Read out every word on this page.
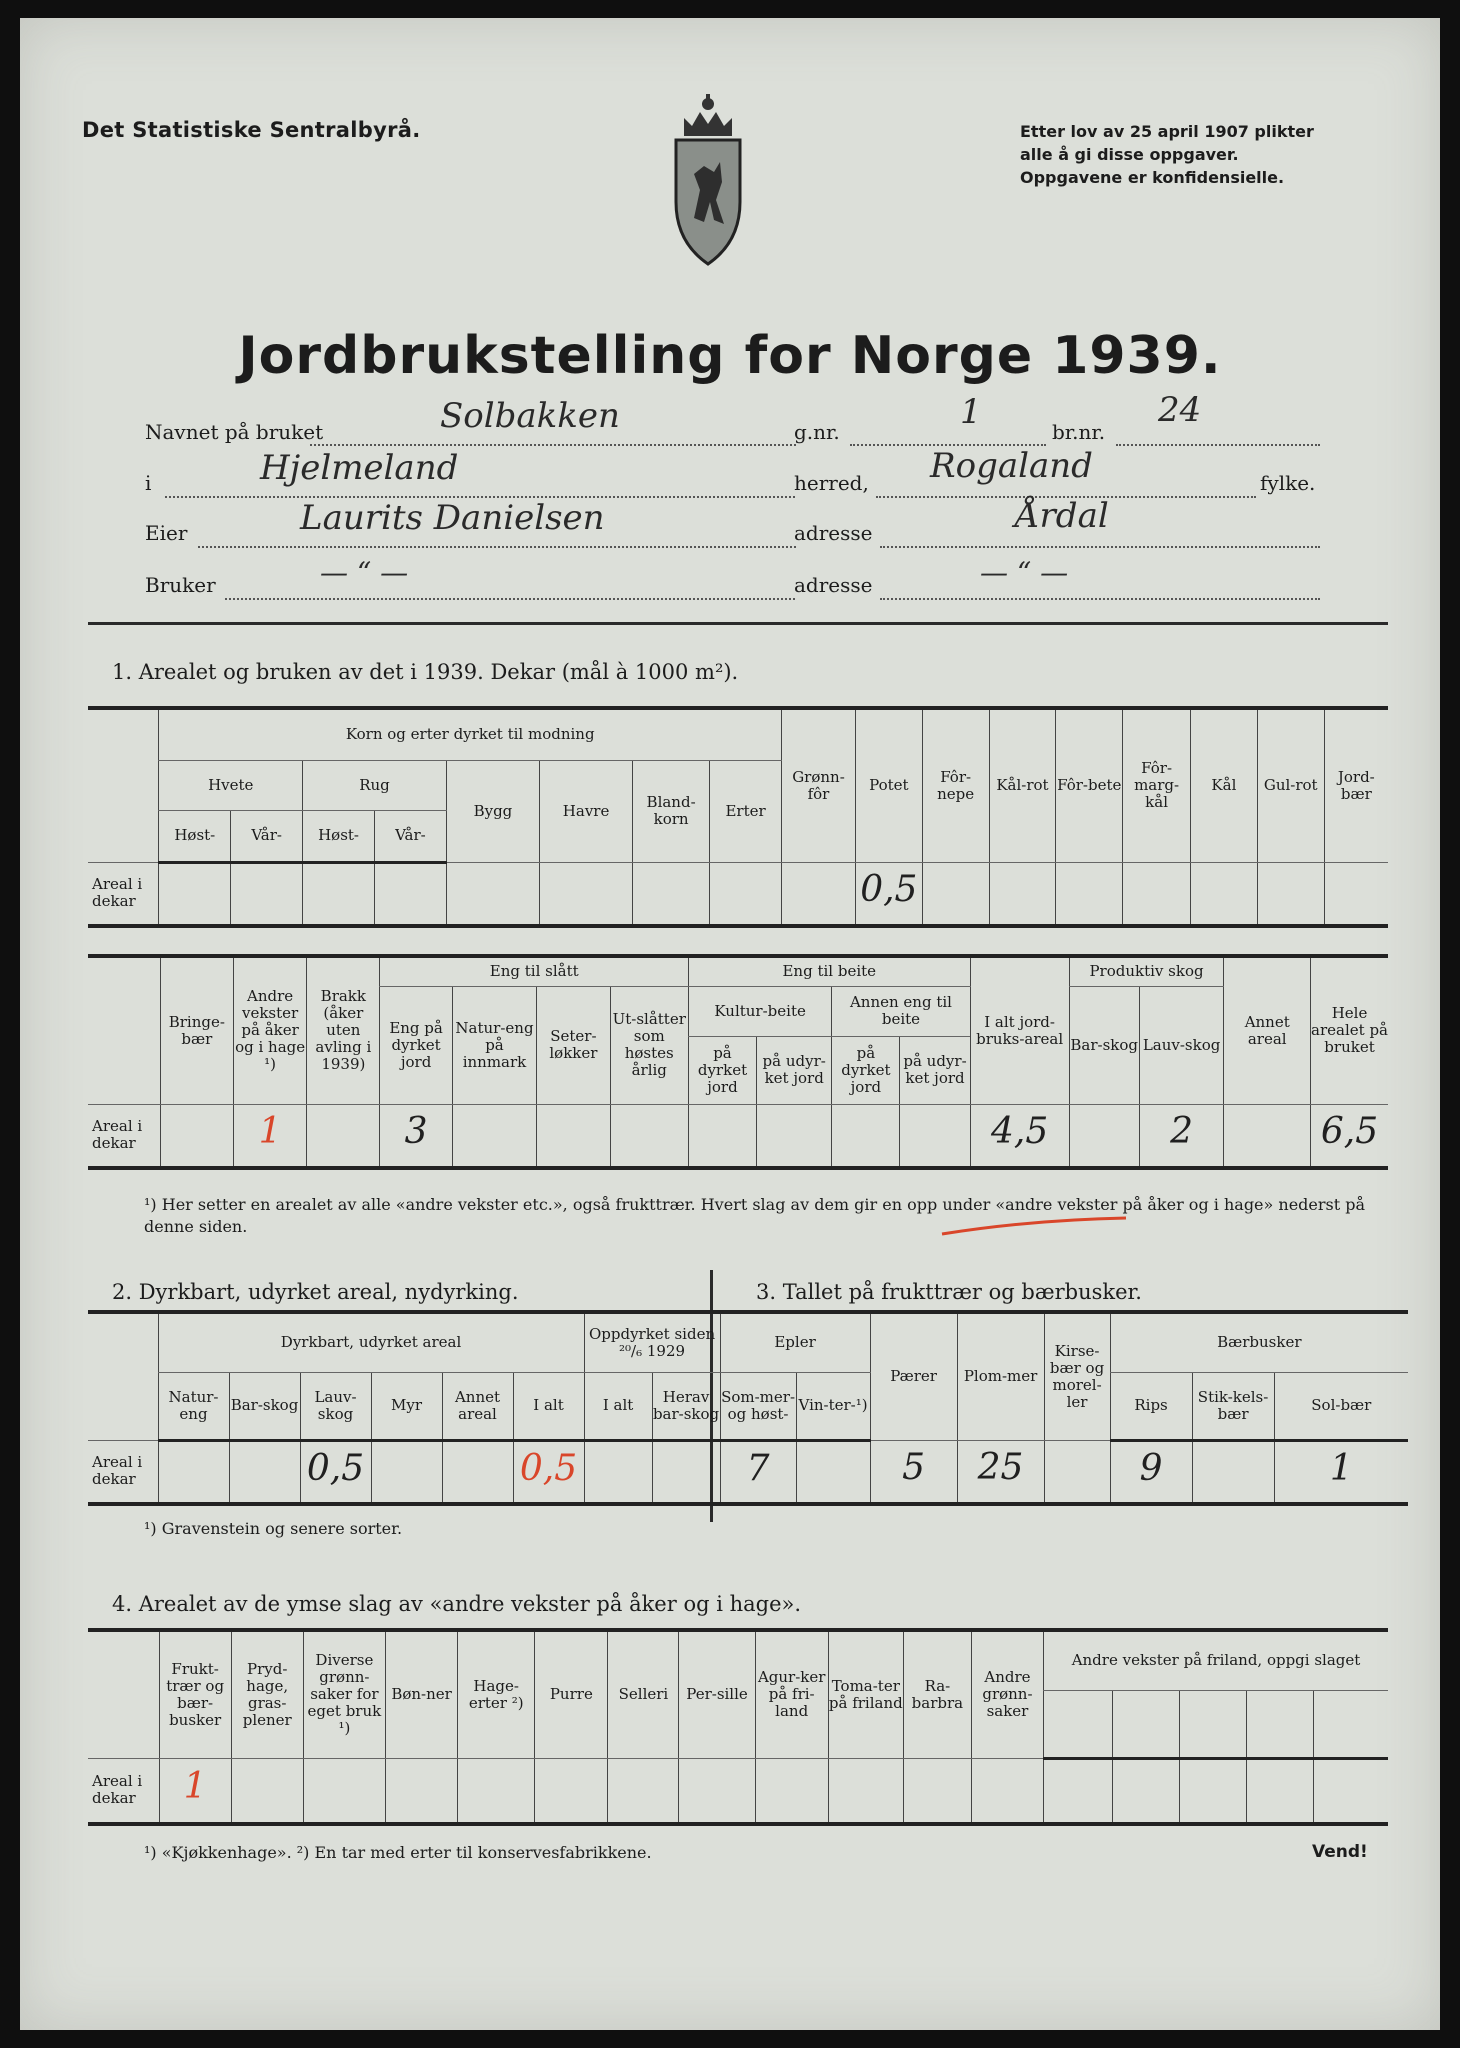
Det Statistiske Sentralbyrå.	Etter lov av 25 april 1907 plikter
alle å gi disse oppgaver.
Oppgavene er konfidensielle.
Jordbrukstelling for Norge 1939.
Navnet på bruket	Solbakken	g.nr.	1	br.nr.
24
i	Hjelmeland	herred, Rogaland	fylke.
Eier	Laurits Danielsen	adresse	Årdal
Bruker	— “ —	adresse	— “ —
1. Arealet og bruken av det i 1939. Dekar (mål à 1000 m²).
	Korn og erter dyrket til modning								Grønn-fôr	Potet	Fôr-nepe	Kål-rot	Fôr-bete	Fôr-marg-kål	Kål	Gul-rot	Jord-bær
	Hvete		Rug		Bygg	Havre	Bland-korn	Erter									
	Høst-	Vår-	Høst-	Vår-													
Areal i dekar										0,5							
	Bringe-bær	Andre vekster på åker og i hage ¹)	Brakk (åker uten avling i 1939)	Eng til slått				Eng til beite				I alt jord-bruks-areal	Produktiv skog		Annet areal	Hele arealet på bruket
				Eng på dyrket jord	Natur-eng på innmark	Seter-løkker	Ut-slåtter som høstes årlig	Kultur-beite		Annen eng til beite			Bar-skog	Lauv-skog		
								på dyrket jord	på udyr-ket jord	på dyrket jord	på udyr-ket jord					

Areal i dekar		1		3								4,5		2		6,5
¹) Her setter en arealet av alle «andre vekster etc.», også frukttrær. Hvert slag av dem gir en opp under «andre vekster på åker og i hage» nederst på denne siden.
2. Dyrkbart, udyrket areal, nydyrking.	3. Tallet på frukttrær og bærbusker.
	Dyrkbart, udyrket areal						Oppdyrket siden ²⁰/₆ 1929		Epler		Pærer	Plom-mer	Kirse-bær og morel-ler	Bærbusker		
	Natur-eng	Bar-skog	Lauv-skog	Myr	Annet areal	I alt	I alt	Herav bar-skog	Som-mer-og høst-	Vin-ter-¹)				Rips	Stik-kels-bær	Sol-bær
Areal i dekar			0,5			0,5			7		5	25		9		1
¹) Gravenstein og senere sorter.
4. Arealet av de ymse slag av «andre vekster på åker og i hage».
	Frukt-trær og bær-busker	Pryd-hage, gras-plener	Diverse grønn-saker for eget bruk ¹)	Bøn-ner	Hage-erter ²)	Purre	Selleri	Per-sille	Agur-ker på fri-land	Toma-ter på friland	Ra-barbra	Andre grønn-saker	Andre vekster på friland, oppgi slaget				

Areal i dekar	1																
¹) «Kjøkkenhage». ²) En tar med erter til konservesfabrikkene.	Vend!
